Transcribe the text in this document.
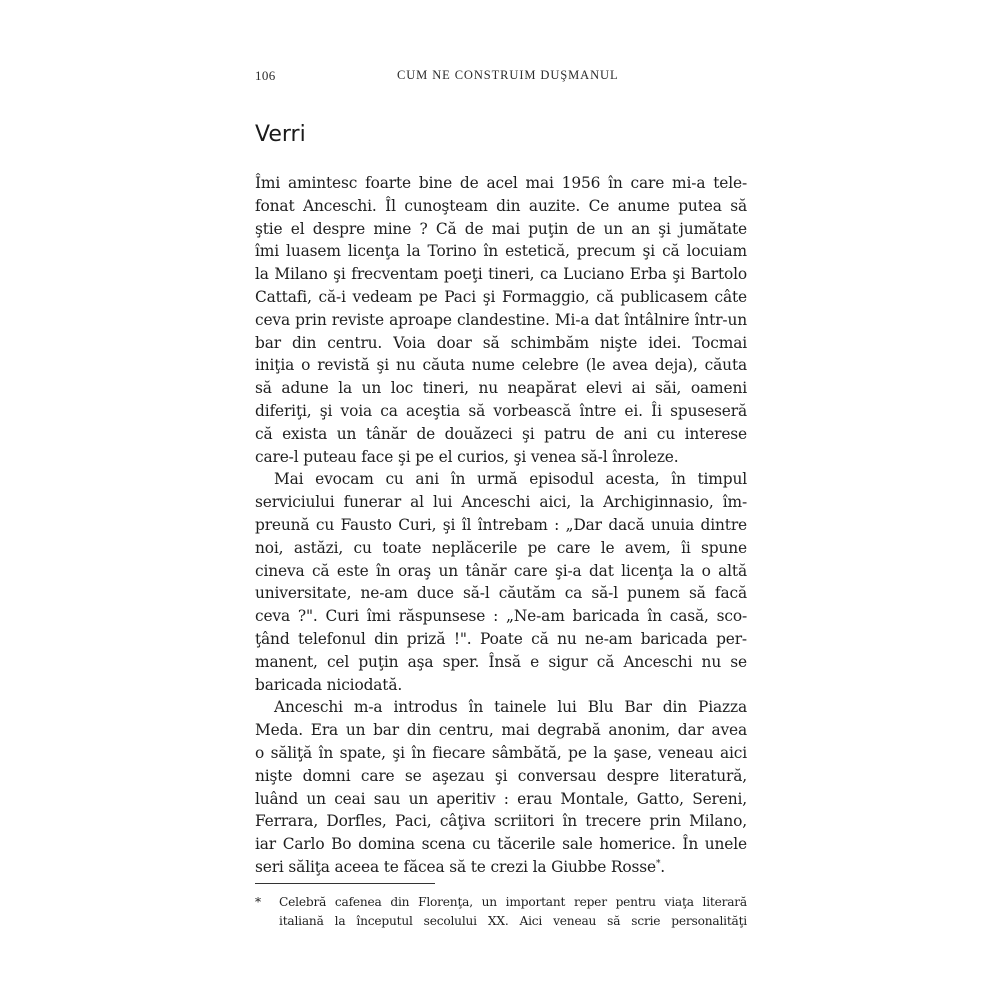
106	CUM NE CONSTRUIM DUŞMANUL
Verri
Îmi amintesc foarte bine de acel mai 1956 în care mi-a tele-
fonat Anceschi. Îl cunoşteam din auzite. Ce anume putea să
ştie el despre mine ? Că de mai puţin de un an şi jumătate
îmi luasem licenţa la Torino în estetică, precum şi că locuiam
la Milano şi frecventam poeţi tineri, ca Luciano Erba şi Bartolo
Cattafi, că-i vedeam pe Paci şi Formaggio, că publicasem câte
ceva prin reviste aproape clandestine. Mi-a dat întâlnire într-un
bar din centru. Voia doar să schimbăm nişte idei. Tocmai
iniţia o revistă şi nu căuta nume celebre (le avea deja), căuta
să adune la un loc tineri, nu neapărat elevi ai săi, oameni
diferiţi, şi voia ca aceştia să vorbească între ei. Îi spuseseră
că exista un tânăr de douăzeci şi patru de ani cu interese
care-l puteau face şi pe el curios, şi venea să-l înroleze.
Mai evocam cu ani în urmă episodul acesta, în timpul
serviciului funerar al lui Anceschi aici, la Archiginnasio, îm-
preună cu Fausto Curi, şi îl întrebam : „Dar dacă unuia dintre
noi, astăzi, cu toate neplăcerile pe care le avem, îi spune
cineva că este în oraş un tânăr care şi-a dat licenţa la o altă
universitate, ne-am duce să-l căutăm ca să-l punem să facă
ceva ?". Curi îmi răspunsese : „Ne-am baricada în casă, sco-
ţând telefonul din priză !". Poate că nu ne-am baricada per-
manent, cel puţin aşa sper. Însă e sigur că Anceschi nu se
baricada niciodată.
Anceschi m-a introdus în tainele lui Blu Bar din Piazza
Meda. Era un bar din centru, mai degrabă anonim, dar avea
o săliţă în spate, şi în fiecare sâmbătă, pe la şase, veneau aici
nişte domni care se aşezau şi conversau despre literatură,
luând un ceai sau un aperitiv : erau Montale, Gatto, Sereni,
Ferrara, Dorfles, Paci, câţiva scriitori în trecere prin Milano,
iar Carlo Bo domina scena cu tăcerile sale homerice. În unele
seri săliţa aceea te făcea să te crezi la Giubbe Rosse*.
* Celebră cafenea din Florenţa, un important reper pentru viaţa literară
italiană la începutul secolului XX. Aici veneau să scrie personalităţi
